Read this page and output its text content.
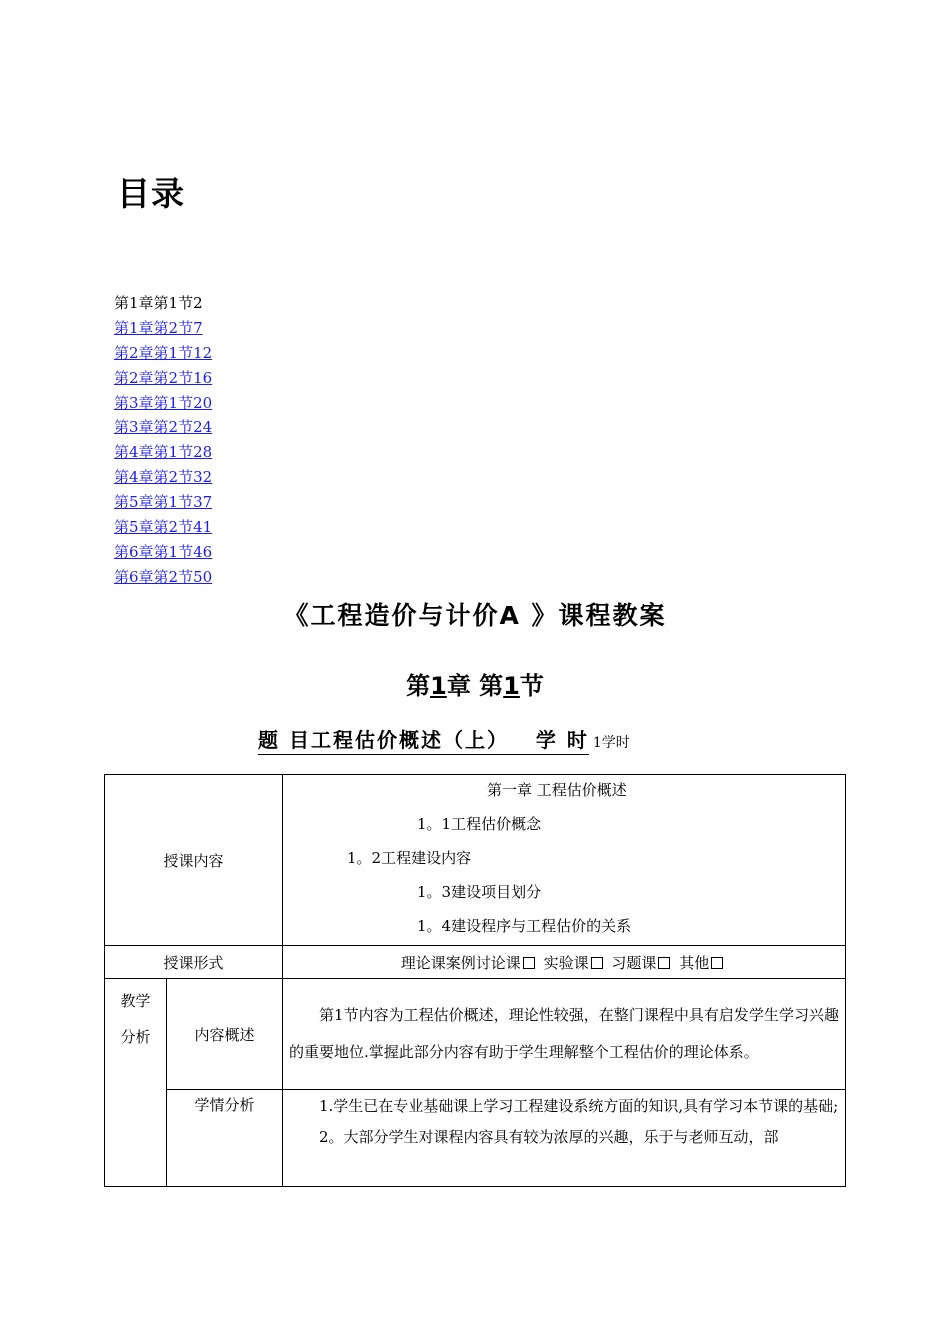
目录
第1章第1节2
第1章第2节7
第2章第1节12
第2章第2节16
第3章第1节20
第3章第2节24
第4章第1节28
第4章第2节32
第5章第1节37
第5章第2节41
第6章第1节46
第6章第2节50
《工程造价与计价A 》课程教案
第1章 第1节
题 目工程估价概述（上） 学 时 1学时
授课内容		第一章 工程估价概述
1。1工程估价概念
1。2工程建设内容
1。3建设项目划分
1。4建设程序与工程估价的关系

授课形式		理论课案例讨论课 实验课 习题课 其他

教学
分析	内容概述	第1节内容为工程估价概述，理论性较强，在整门课程中具有启发学生学习兴趣的重要地位.掌握此部分内容有助于学生理解整个工程估价的理论体系。

	学情分析	1.学生已在专业基础课上学习工程建设系统方面的知识,具有学习本节课的基础;
2。大部分学生对课程内容具有较为浓厚的兴趣，乐于与老师互动，部
